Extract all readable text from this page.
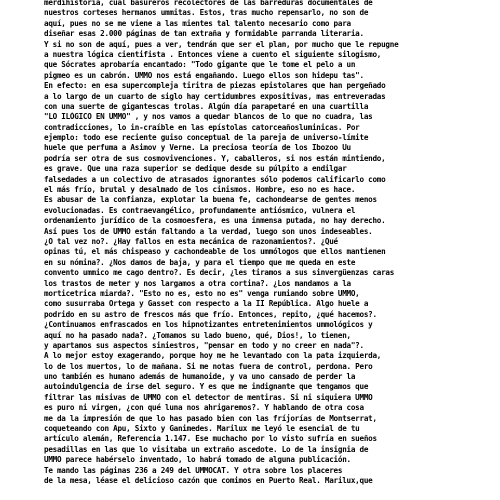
merdihistoria, cual basureros recolectores de las barreduras documentales de
nuestros corteses hermanos ummitas. Estos, tras mucho repensarlo, no son de
aquí, pues no se me viene a las mientes tal talento necesario como para
diseñar esas 2.000 páginas de tan extraña y formidable parranda literaria.
Y si no son de aquí, pues a ver, tendrán que ser el plan, por mucho que le repugne
a nuestra lógica cientifista . Entonces viene a cuento el siguiente silogismo,
que Sócrates aprobaría encantado: "Todo gigante que le tome el pelo a un
pigmeo es un cabrón. UMMO nos está engañando. Luego ellos son hidepu tas".
En efecto: en esa supercompleja tiritra de piezas epistolares que han pergeñado
a lo largo de un cuarto de siglo hay certidumbres expositivas, mas entreveradas
con una suerte de gigantescas trolas. Algún día parapetaré en una cuartilla
"LO ILÓGICO EN UMMO" , y nos vamos a quedar blancos de lo que no cuadra, las
contradicciones, lo in-craíble en las epístolas catorceañosluminicas. Por
ejemplo: todo ese reciente guiso conceptual de la pareja de universo-límite
huele que perfuma a Asimov y Verne. La preciosa teoría de los Ibozoo Uu
podría ser otra de sus cosmovivenciones. Y, caballeros, si nos están mintiendo,
es grave. Que una raza superior se dedique desde su púlpito a endilgar
falsedades a un colectivo de atrasados ignorantes sólo podemos calificarlo como
el más frío, brutal y desalmado de los cinismos. Hombre, eso no es hace.
Es abusar de la confianza, explotar la buena fe, cachondearse de gentes menos
evolucionadas. Es contraevangélico, profundamente antiósmico, vulnera el
ordenamiento jurídico de la cosmoesfera, es una inmensa putada, no hay derecho.
Así pues los de UMMO están faltando a la verdad, luego son unos indeseables.
¿O tal vez no?. ¿Hay fallos en esta mecánica de razonamientos?. ¿Qué
opinas tú, el más chispeaso y cachondeable de los ummólogos que ellos mantienen
en su nómina?. ¿Nos damos de baja, y para el tiempo que me queda en este
convento ummico me cago dentro?. Es decir, ¿les tiramos a sus sinvergüenzas caras
los trastos de meter y nos largamos a otra cortina?. ¿Los mandamos a la
morticetrica miarda?. "Esto no es, esto no es" venga rumiando sobre UMMO,
como susurraba Ortega y Gasset con respecto a la II República. Algo huele a
podrido en su astro de frescos más que frío. Entonces, repito, ¿qué hacemos?.
¿Continuamos enfrascados en los hipnotizantes entretenimientos ummológicos y
aquí no ha pasado nada?. ¿Tomamos su lado bueno, qué, Dios!, lo tienen,
y apartamos sus aspectos siniestros, "pensar en todo y no creer en nada"?.
A lo mejor estoy exagerando, porque hoy me he levantado con la pata izquierda,
lo de los muertos, lo de mañana. Si me notas fuera de control, perdona. Pero
uno también es humano además de humanoide, y va uno cansado de perder la
autoindulgencia de irse del seguro. Y es que me indignante que tengamos que
filtrar las misivas de UMMO con el detector de mentiras. Si ni siquiera UMMO
es puro ni virgen, ¿con qué luna nos ahrigaremos?. Y hablando de otra cosa
me da la impresión de que lo has pasado bien con las fríjorías de Montserrat,
coqueteando con Apu, Sixto y Ganimedes. Marilux me leyó le esencial de tu
artículo alemán, Referencia 1.147. Ese muchacho por lo visto sufría en sueños
pesadillas en las que lo visitaba un extraño ascedote. Lo de la insignia de
UMMO parece habérselo inventado, lo habrá tomado de alguna publicación.
Te mando las páginas 236 a 249 del UMMOCAT. Y otra sobre los placeres
de la mesa, léase el delicioso cazón que comimos en Puerto Real. Marilux,que
